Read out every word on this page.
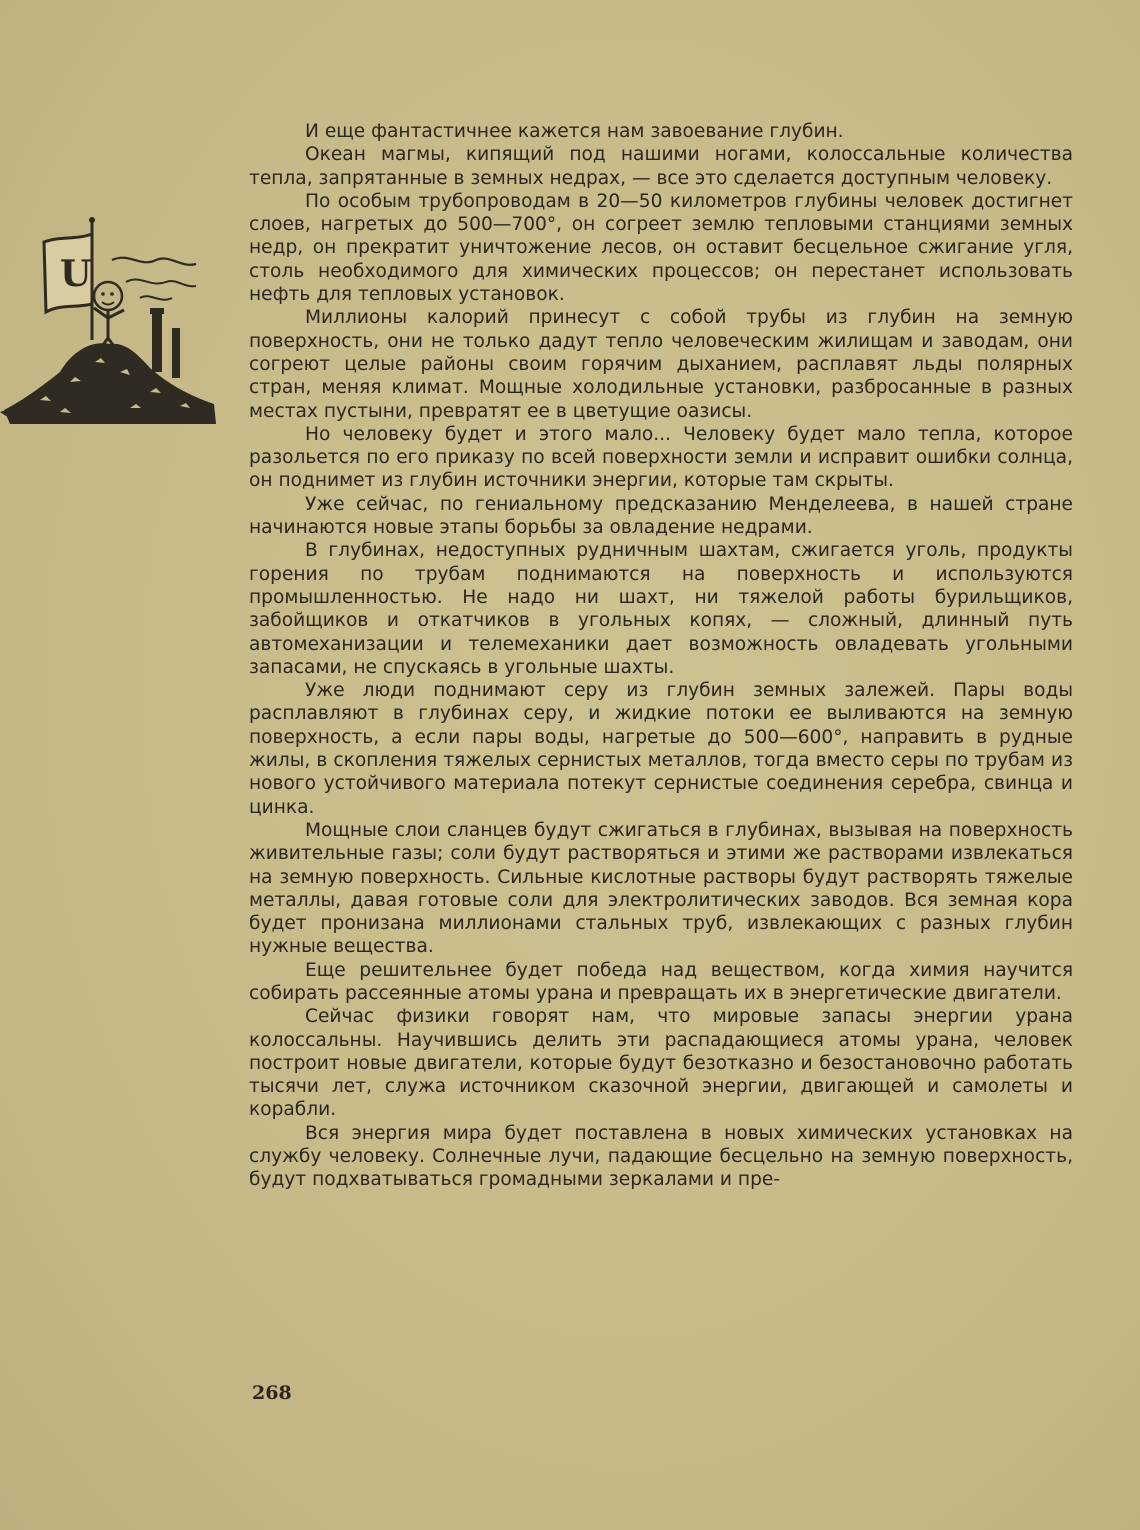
U

И еще фантастичнее кажется нам завоевание глубин.

Океан магмы, кипящий под нашими ногами, колоссальные количества тепла, запрятанные в земных недрах, — все это сделается доступным человеку.

По особым трубопроводам в 20—50 километров глубины человек достигнет слоев, нагретых до 500—700°, он согреет землю тепловыми станциями земных недр, он прекратит уничтожение лесов, он оставит бесцельное сжигание угля, столь необходимого для химических процессов; он перестанет использовать нефть для тепловых установок.

Миллионы калорий принесут с собой трубы из глубин на земную поверхность, они не только дадут тепло человеческим жилищам и заводам, они согреют целые районы своим горячим дыханием, расплавят льды полярных стран, меняя климат. Мощные холодильные установки, разбросанные в разных местах пустыни, превратят ее в цветущие оазисы.

Но человеку будет и этого мало... Человеку будет мало тепла, которое разольется по его приказу по всей поверхности земли и исправит ошибки солнца, он поднимет из глубин источники энергии, которые там скрыты.

Уже сейчас, по гениальному предсказанию Менделеева, в нашей стране начинаются новые этапы борьбы за овладение недрами.

В глубинах, недоступных рудничным шахтам, сжигается уголь, продукты горения по трубам поднимаются на поверхность и используются промышленностью. Не надо ни шахт, ни тяжелой работы бурильщиков, забойщиков и откатчиков в угольных копях, — сложный, длинный путь автомеханизации и телемеханики дает возможность овладевать угольными запасами, не спускаясь в угольные шахты.

Уже люди поднимают серу из глубин земных залежей. Пары воды расплавляют в глубинах серу, и жидкие потоки ее выливаются на земную поверхность, а если пары воды, нагретые до 500—600°, направить в рудные жилы, в скопления тяжелых сернистых металлов, тогда вместо серы по трубам из нового устойчивого материала потекут сернистые соединения серебра, свинца и цинка.

Мощные слои сланцев будут сжигаться в глубинах, вызывая на поверхность живительные газы; соли будут растворяться и этими же растворами извлекаться на земную поверхность. Сильные кислотные растворы будут растворять тяжелые металлы, давая готовые соли для электролитических заводов. Вся земная кора будет пронизана миллионами стальных труб, извлекающих с разных глубин нужные вещества.

Еще решительнее будет победа над веществом, когда химия научится собирать рассеянные атомы урана и превращать их в энергетические двигатели.

Сейчас физики говорят нам, что мировые запасы энергии урана колоссальны. Научившись делить эти распадающиеся атомы урана, человек построит новые двигатели, которые будут безотказно и безостановочно работать тысячи лет, служа источником сказочной энергии, двигающей и самолеты и корабли.

Вся энергия мира будет поставлена в новых химических установках на службу человеку. Солнечные лучи, падающие бесцельно на земную поверхность, будут подхватываться громадными зеркалами и пре-

268
